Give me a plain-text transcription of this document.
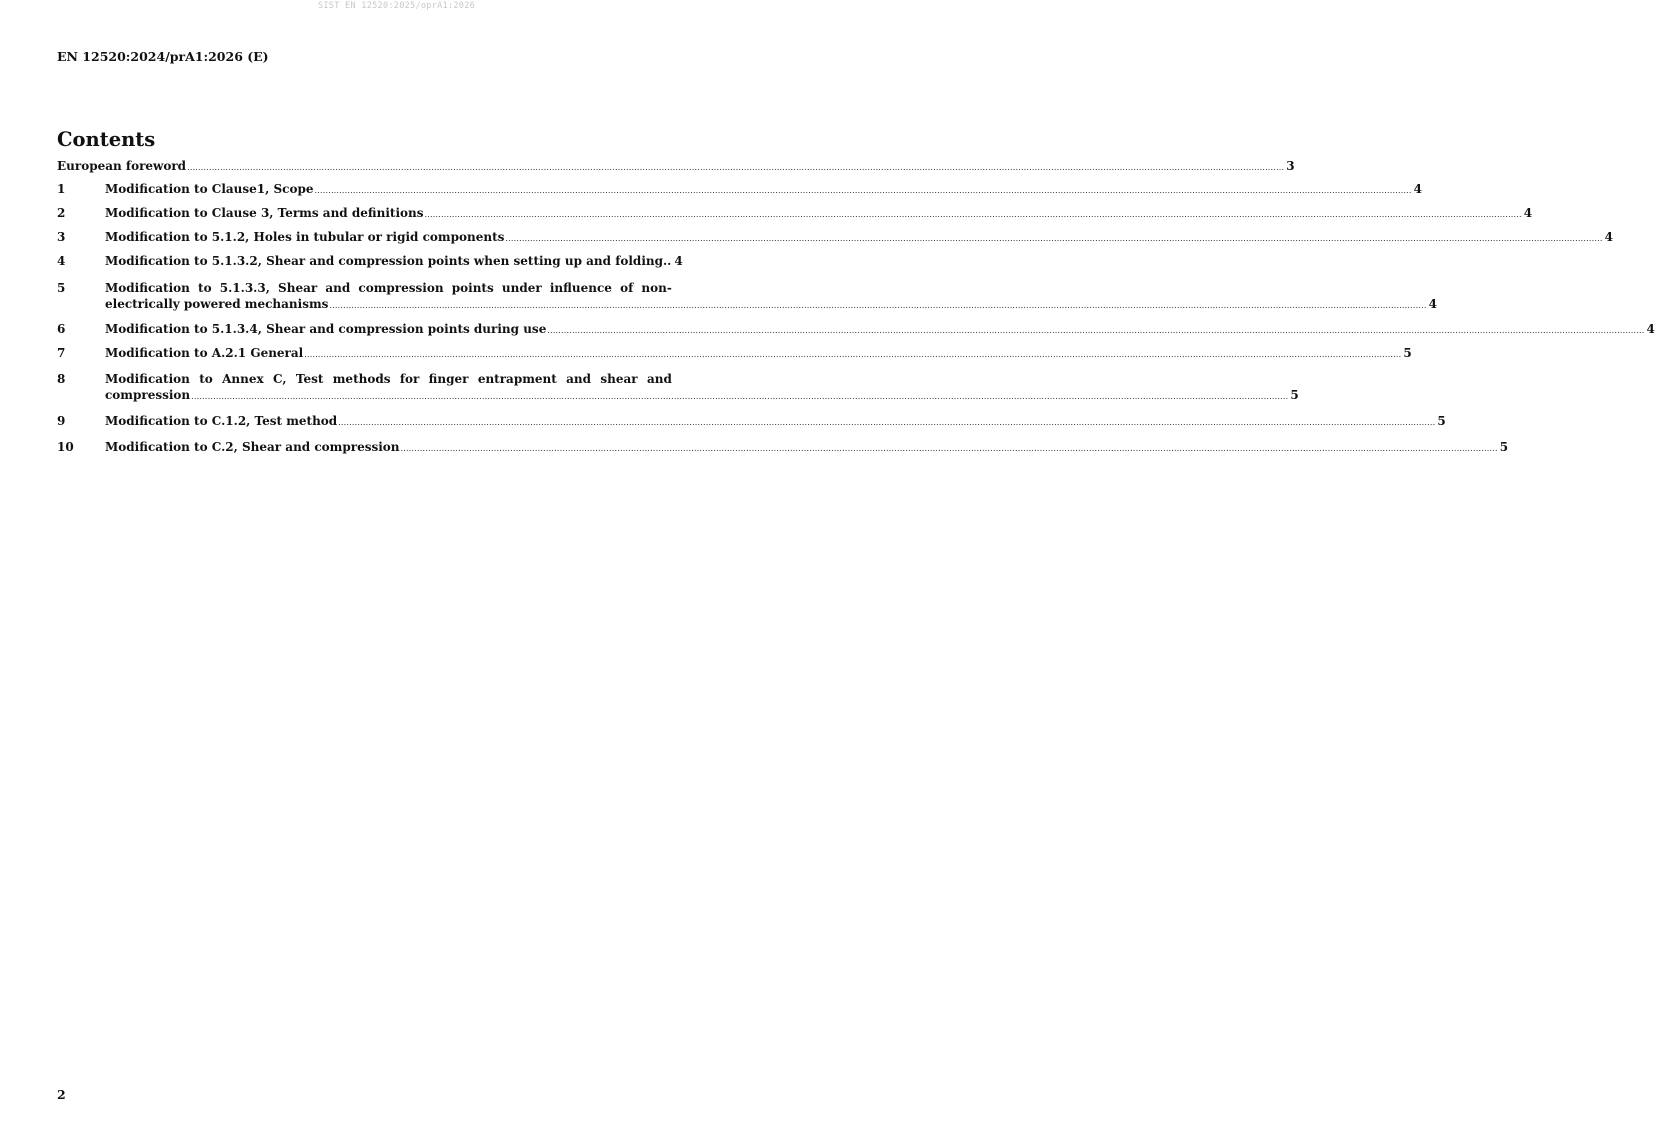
SIST EN 12520:2025/oprA1:2026
EN 12520:2024/prA1:2026 (E)
Contents
European foreword ................................................................................................................................................................................................................................................................................................................................................................................................................ 3
1	Modification to Clause1, Scope ................................................................................................................................................................................................................................................................................................................................................................................................................ 4
2	Modification to Clause 3, Terms and definitions ................................................................................................................................................................................................................................................................................................................................................................................................................ 4
3	Modification to 5.1.2, Holes in tubular or rigid components ................................................................................................................................................................................................................................................................................................................................................................................................................ 4
4	Modification to 5.1.3.2, Shear and compression points when setting up and folding.. 4
5	Modification to 5.1.3.3, Shear and compression points under influence of non-
electrically powered mechanisms ................................................................................................................................................................................................................................................................................................................................................................................................................ 4
6	Modification to 5.1.3.4, Shear and compression points during use ................................................................................................................................................................................................................................................................................................................................................................................................................ 4
7	Modification to A.2.1 General ................................................................................................................................................................................................................................................................................................................................................................................................................ 5
8	Modification to Annex C, Test methods for finger entrapment and shear and
compression ................................................................................................................................................................................................................................................................................................................................................................................................................ 5
9	Modification to C.1.2, Test method ................................................................................................................................................................................................................................................................................................................................................................................................................ 5
10	Modification to C.2, Shear and compression ................................................................................................................................................................................................................................................................................................................................................................................................................ 5
2
